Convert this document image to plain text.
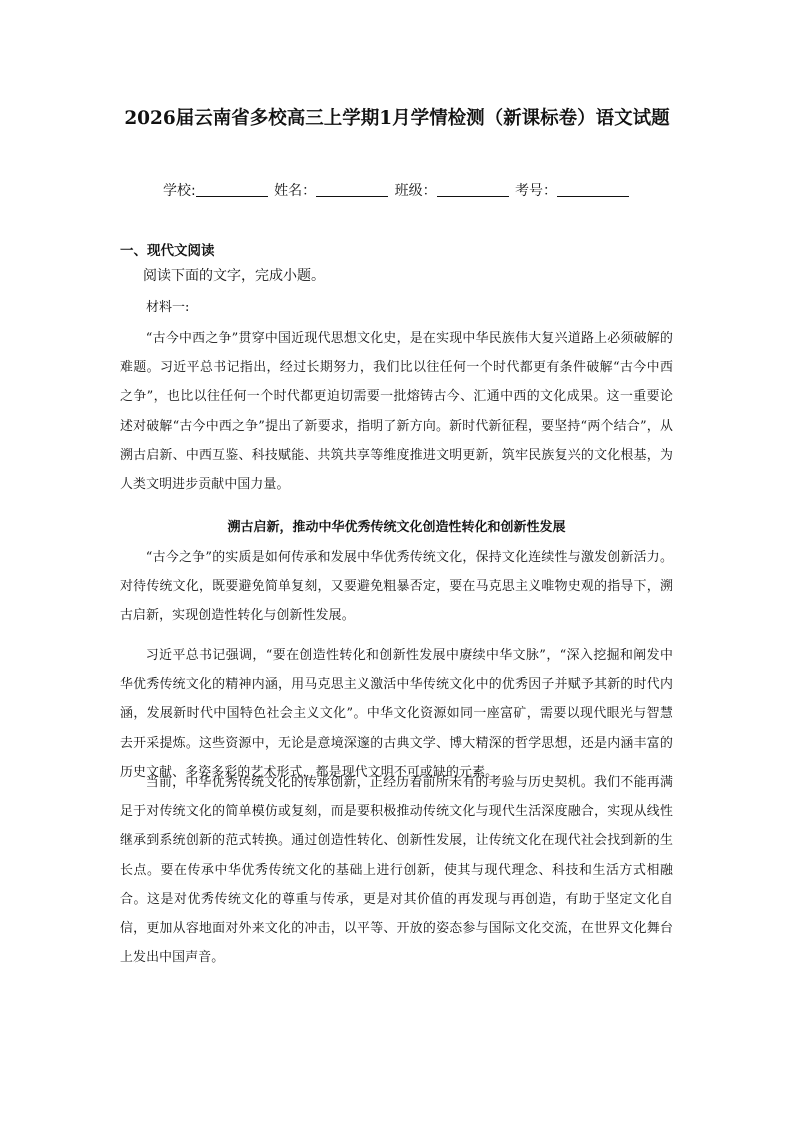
2026届云南省多校高三上学期1月学情检测（新课标卷）语文试题
学校:	姓名：	班级：	考号：
一、现代文阅读
阅读下面的文字，完成小题。
材料一:

“古今中西之争”贯穿中国近现代思想文化史，是在实现中华民族伟大复兴道路上必须破解的难题。习近平总书记指出，经过长期努力，我们比以往任何一个时代都更有条件破解“古今中西之争”，也比以往任何一个时代都更迫切需要一批熔铸古今、汇通中西的文化成果。这一重要论述对破解“古今中西之争”提出了新要求，指明了新方向。新时代新征程，要坚持“两个结合”，从溯古启新、中西互鉴、科技赋能、共筑共享等维度推进文明更新，筑牢民族复兴的文化根基，为人类文明进步贡献中国力量。

溯古启新，推动中华优秀传统文化创造性转化和创新性发展

“古今之争”的实质是如何传承和发展中华优秀传统文化，保持文化连续性与激发创新活力。对待传统文化，既要避免简单复刻，又要避免粗暴否定，要在马克思主义唯物史观的指导下，溯古启新，实现创造性转化与创新性发展。

习近平总书记强调，“要在创造性转化和创新性发展中赓续中华文脉”，“深入挖掘和阐发中华优秀传统文化的精神内涵，用马克思主义激活中华传统文化中的优秀因子并赋予其新的时代内涵，发展新时代中国特色社会主义文化”。中华文化资源如同一座富矿，需要以现代眼光与智慧去开采提炼。这些资源中，无论是意境深邃的古典文学、博大精深的哲学思想，还是内涵丰富的历史文献、多姿多彩的艺术形式，都是现代文明不可或缺的元素。

当前，中华优秀传统文化的传承创新，正经历着前所未有的考验与历史契机。我们不能再满足于对传统文化的简单模仿或复刻，而是要积极推动传统文化与现代生活深度融合，实现从线性继承到系统创新的范式转换。通过创造性转化、创新性发展，让传统文化在现代社会找到新的生长点。要在传承中华优秀传统文化的基础上进行创新，使其与现代理念、科技和生活方式相融合。这是对优秀传统文化的尊重与传承，更是对其价值的再发现与再创造，有助于坚定文化自信，更加从容地面对外来文化的冲击，以平等、开放的姿态参与国际文化交流，在世界文化舞台上发出中国声音。
